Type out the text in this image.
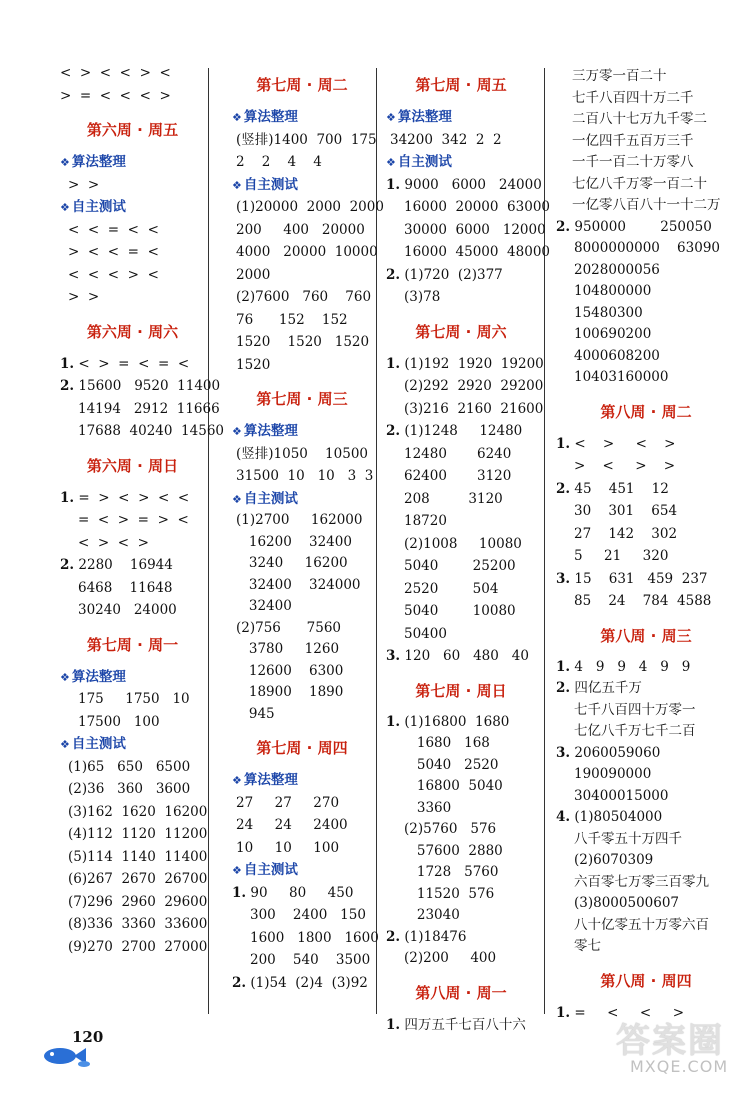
<  >  <  <  >  <
>  =  <  <  <  >
第六周 · 周五
❖ 算法整理
>  >
❖ 自主测试
<  <  =  <  <
>  <  <  =  <
<  <  <  >  <
>  >
第六周 · 周六
1. <  >  =  <  =  <
2. 15600   9520  11400
14194   2912  11666
17688  40240  14560
第六周 · 周日
1. =  >  <  >  <  <
=  <  >  =  >  <
<  >  <  >
2. 2280    16944
6468    11648
30240   24000
第七周 · 周一
❖ 算法整理
175     1750   10
17500   100
❖ 自主测试
(1)65   650   6500
(2)36   360   3600
(3)162  1620  16200
(4)112  1120  11200
(5)114  1140  11400
(6)267  2670  26700
(7)296  2960  29600
(8)336  3360  33600
(9)270  2700  27000
第七周 · 周二
❖ 算法整理
(竖排)1400  700  175
2    2    4    4
❖ 自主测试
(1)20000  2000  2000
200     400   20000
4000   20000  10000
2000
(2)7600   760    760
76      152    152
1520    1520   1520
1520
第七周 · 周三
❖ 算法整理
(竖排)1050    10500
31500  10   10   3  3
❖ 自主测试
(1)2700     162000
16200    32400
3240     16200
32400    324000
32400
(2)756      7560
3780     1260
12600    6300
18900    1890
945
第七周 · 周四
❖ 算法整理
27     27     270
24     24     2400
10     10     100
❖ 自主测试
1. 90     80     450
300    2400   150
1600   1800   1600
200    540    3500
2. (1)54  (2)4  (3)92
第七周 · 周五
❖ 算法整理
34200  342  2  2
❖ 自主测试
1. 9000   6000   24000
16000  20000  63000
30000  6000   12000
16000  45000  48000
2. (1)720  (2)377
(3)78
第七周 · 周六
1. (1)192  1920  19200
(2)292  2920  29200
(3)216  2160  21600
2. (1)1248     12480
12480       6240
62400       3120
208         3120
18720
(2)1008     10080
5040        25200
2520        504
5040        10080
50400
3. 120   60   480   40
第七周 · 周日
1. (1)16800  1680
1680   168
5040   2520
16800  5040
3360
(2)5760   576
57600  2880
1728   5760
11520  576
23040
2. (1)18476
(2)200     400
第八周 · 周一
1. 四万五千七百八十六
三万零一百二十
七千八百四十万二千
二百八十七万九千零二
一亿四千五百万三千
一千一百二十万零八
七亿八千万零一百二十
一亿零八百八十一十二万
2. 950000        250050
8000000000    63090
2028000056
104800000
15480300
100690200
4000608200
10403160000
第八周 · 周二
1. <    >     <    >
>    <     >    >
2. 45    451    12
30    301    654
27    142    302
5     21     320
3. 15    631   459  237
85    24    784  4588
第八周 · 周三
1. 4   9   9   4   9   9
2. 四亿五千万
七千八百四十万零一
七亿八千万七千二百
3. 2060059060
190090000
30400015000
4. (1)80504000
八千零五十万四千
(2)6070309
六百零七万零三百零九
(3)8000500607
八十亿零五十万零六百
零七
第八周 · 周四
1. =     <     <     >
120	答案圈
MXQE.COM
